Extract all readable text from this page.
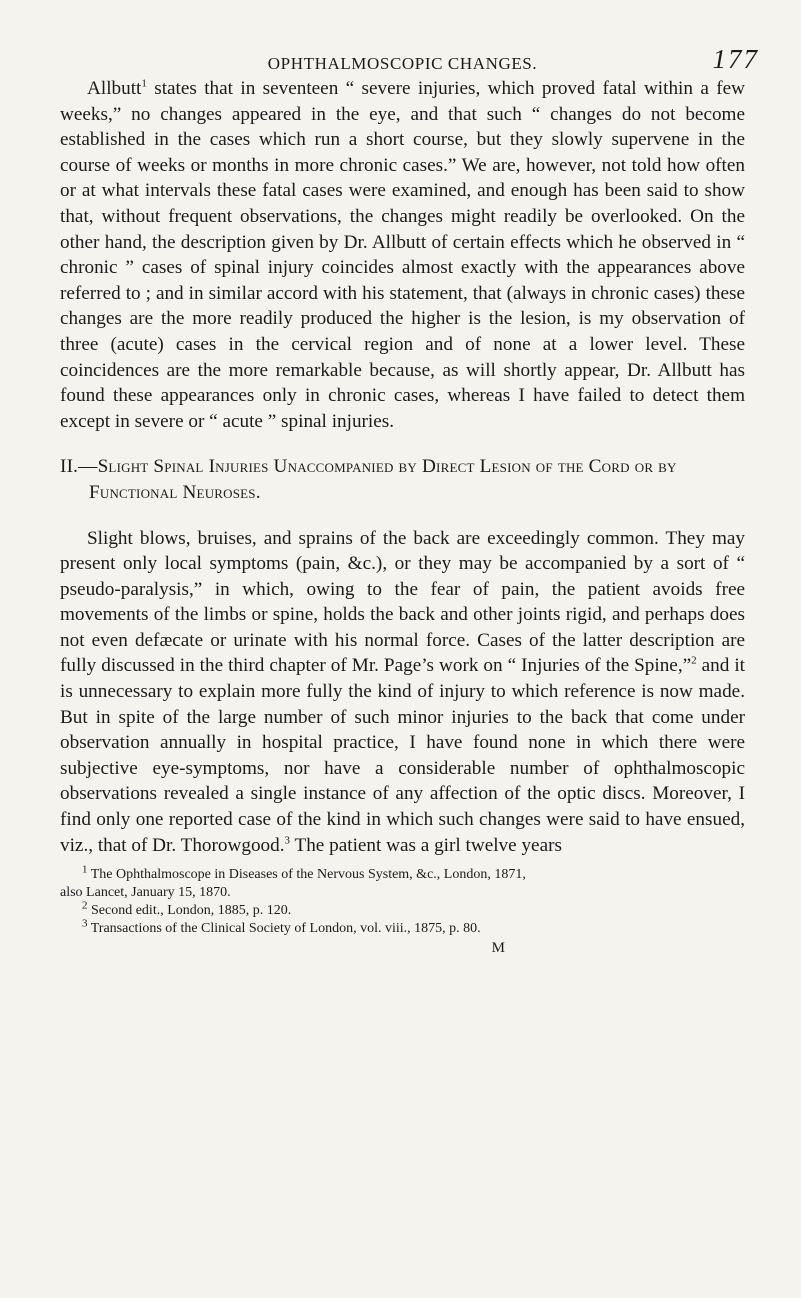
OPHTHALMOSCOPIC CHANGES.	177

Allbutt$^1$ states that in seventeen “ severe injuries, which proved fatal within a few weeks,” no changes appeared in the eye, and that such “ changes do not become established in the cases which run a short course, but they slowly supervene in the course of weeks or months in more chronic cases.” We are, however, not told how often or at what intervals these fatal cases were examined, and enough has been said to show that, without frequent observations, the changes might readily be overlooked. On the other hand, the description given by Dr. Allbutt of certain effects which he observed in “ chronic ” cases of spinal injury coincides almost exactly with the appearances above referred to ; and in similar accord with his statement, that (always in chronic cases) these changes are the more readily produced the higher is the lesion, is my observation of three (acute) cases in the cervical region and of none at a lower level. These coincidences are the more remarkable because, as will shortly appear, Dr. Allbutt has found these appearances only in chronic cases, whereas I have failed to detect them except in severe or “ acute ” spinal injuries.

II.—Slight Spinal Injuries Unaccompanied by Direct Lesion of the Cord or by Functional Neuroses.

Slight blows, bruises, and sprains of the back are exceedingly common. They may present only local symptoms (pain, &c.), or they may be accompanied by a sort of “ pseudo-paralysis,” in which, owing to the fear of pain, the patient avoids free movements of the limbs or spine, holds the back and other joints rigid, and perhaps does not even defæcate or urinate with his normal force. Cases of the latter description are fully discussed in the third chapter of Mr. Page’s work on “ Injuries of the Spine,”$^2$ and it is unnecessary to explain more fully the kind of injury to which reference is now made. But in spite of the large number of such minor injuries to the back that come under observation annually in hospital practice, I have found none in which there were subjective eye-symptoms, nor have a considerable number of ophthalmoscopic observations revealed a single instance of any affection of the optic discs. Moreover, I find only one reported case of the kind in which such changes were said to have ensued, viz., that of Dr. Thorowgood.$^3$ The patient was a girl twelve years

$^1$ The Ophthalmoscope in Diseases of the Nervous System, &c., London, 1871,

also Lancet, January 15, 1870.

$^2$ Second edit., London, 1885, p. 120.

$^3$ Transactions of the Clinical Society of London, vol. viii., 1875, p. 80.

M
